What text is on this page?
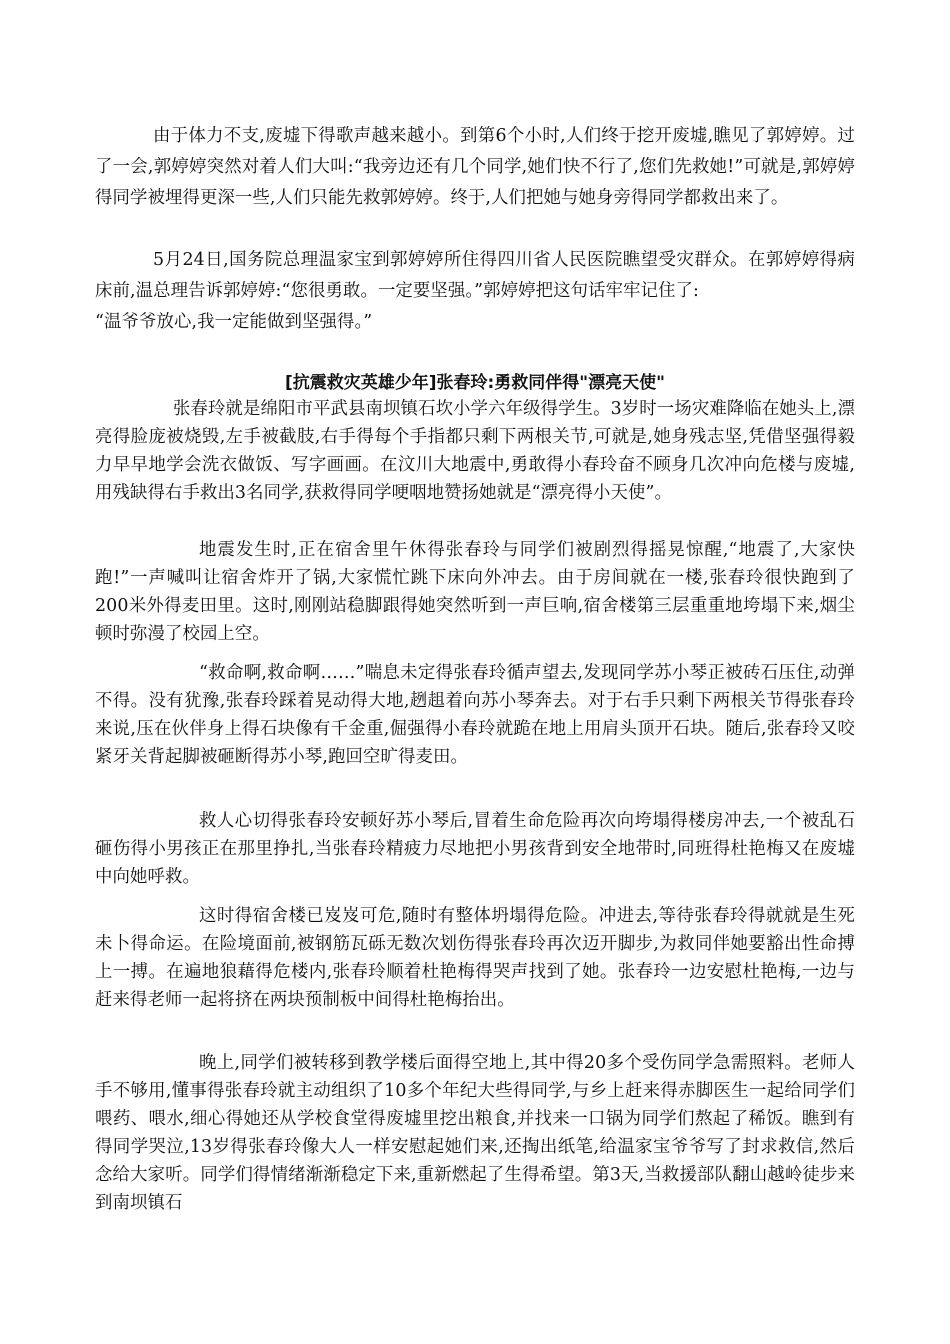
由于体力不支,废墟下得歌声越来越小。到第6个小时,人们终于挖开废墟,瞧见了郭婷婷。过了一会,郭婷婷突然对着人们大叫:“我旁边还有几个同学,她们快不行了,您们先救她!”可就是,郭婷婷得同学被埋得更深一些,人们只能先救郭婷婷。终于,人们把她与她身旁得同学都救出来了。

5月24日,国务院总理温家宝到郭婷婷所住得四川省人民医院瞧望受灾群众。在郭婷婷得病床前,温总理告诉郭婷婷:“您很勇敢。一定要坚强。”郭婷婷把这句话牢牢记住了:

“温爷爷放心,我一定能做到坚强得。”

[抗震救灾英雄少年]张春玲:勇救同伴得"漂亮天使"

张春玲就是绵阳市平武县南坝镇石坎小学六年级得学生。3岁时一场灾难降临在她头上,漂亮得脸庞被烧毁,左手被截肢,右手得每个手指都只剩下两根关节,可就是,她身残志坚,凭借坚强得毅力早早地学会洗衣做饭、写字画画。在汶川大地震中,勇敢得小春玲奋不顾身几次冲向危楼与废墟,用残缺得右手救出3名同学,获救得同学哽咽地赞扬她就是“漂亮得小天使”。

地震发生时,正在宿舍里午休得张春玲与同学们被剧烈得摇晃惊醒,“地震了,大家快跑!”一声喊叫让宿舍炸开了锅,大家慌忙跳下床向外冲去。由于房间就在一楼,张春玲很快跑到了200米外得麦田里。这时,刚刚站稳脚跟得她突然听到一声巨响,宿舍楼第三层重重地垮塌下来,烟尘顿时弥漫了校园上空。

“救命啊,救命啊……”喘息未定得张春玲循声望去,发现同学苏小琴正被砖石压住,动弹不得。没有犹豫,张春玲踩着晃动得大地,趔趄着向苏小琴奔去。对于右手只剩下两根关节得张春玲来说,压在伙伴身上得石块像有千金重,倔强得小春玲就跪在地上用肩头顶开石块。随后,张春玲又咬紧牙关背起脚被砸断得苏小琴,跑回空旷得麦田。

救人心切得张春玲安顿好苏小琴后,冒着生命危险再次向垮塌得楼房冲去,一个被乱石砸伤得小男孩正在那里挣扎,当张春玲精疲力尽地把小男孩背到安全地带时,同班得杜艳梅又在废墟中向她呼救。

这时得宿舍楼已岌岌可危,随时有整体坍塌得危险。冲进去,等待张春玲得就就是生死未卜得命运。在险境面前,被钢筋瓦砾无数次划伤得张春玲再次迈开脚步,为救同伴她要豁出性命搏上一搏。在遍地狼藉得危楼内,张春玲顺着杜艳梅得哭声找到了她。张春玲一边安慰杜艳梅,一边与赶来得老师一起将挤在两块预制板中间得杜艳梅抬出。

晚上,同学们被转移到教学楼后面得空地上,其中得20多个受伤同学急需照料。老师人手不够用,懂事得张春玲就主动组织了10多个年纪大些得同学,与乡上赶来得赤脚医生一起给同学们喂药、喂水,细心得她还从学校食堂得废墟里挖出粮食,并找来一口锅为同学们熬起了稀饭。瞧到有得同学哭泣,13岁得张春玲像大人一样安慰起她们来,还掏出纸笔,给温家宝爷爷写了封求救信,然后念给大家听。同学们得情绪渐渐稳定下来,重新燃起了生得希望。第3天,当救援部队翻山越岭徒步来到南坝镇石
